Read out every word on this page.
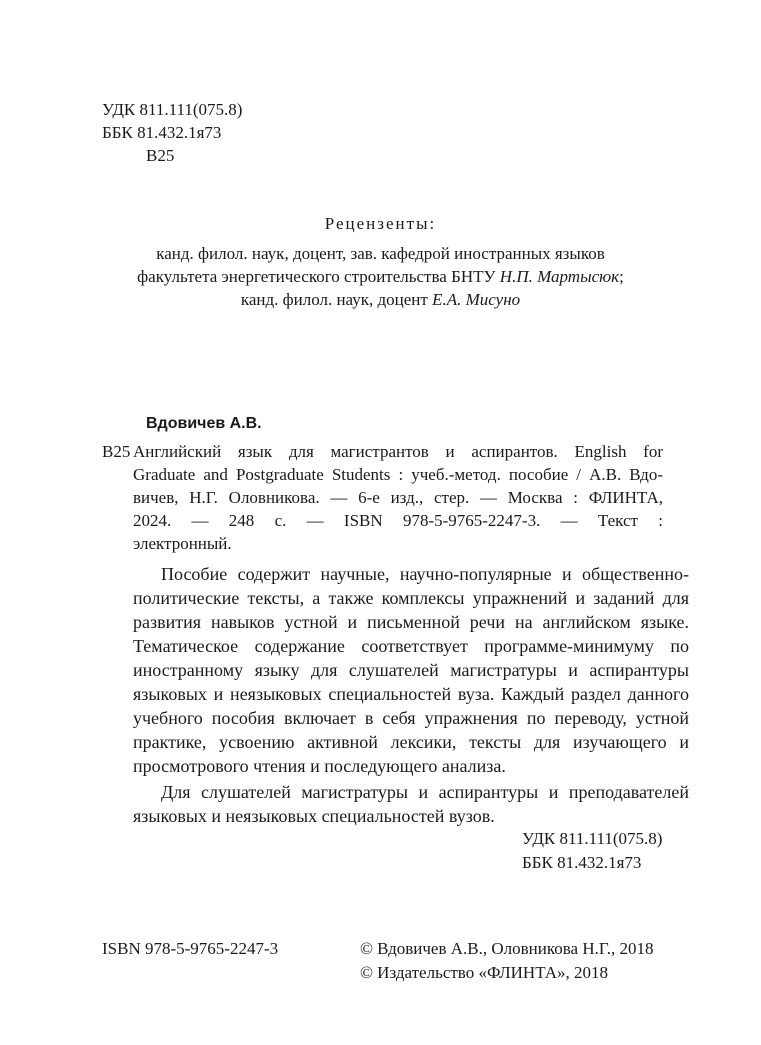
УДК 811.111(075.8)
ББК 81.432.1я73
В25
Рецензенты:
канд. филол. наук, доцент, зав. кафедрой иностранных языков
факультета энергетического строительства БНТУ Н.П. Мартысюк;
канд. филол. наук, доцент Е.А. Мисуно
Вдовичев А.В.
В25 Английский язык для магистрантов и аспирантов. English for
Graduate and Postgraduate Students : учеб.-метод. пособие / А.В. Вдо-
вичев, Н.Г. Оловникова. — 6-е изд., стер. — Москва : ФЛИНТА,
2024. — 248 с. — ISBN 978-5-9765-2247-3. — Текст :
электронный.
Пособие содержит научные, научно-популярные и общественно-
политические тексты, а также комплексы упражнений и заданий для
развития навыков устной и письменной речи на английском языке.
Тематическое содержание соответствует программе-минимуму по
иностранному языку для слушателей магистратуры и аспирантуры
языковых и неязыковых специальностей вуза. Каждый раздел данного
учебного пособия включает в себя упражнения по переводу, устной
практике, усвоению активной лексики, тексты для изучающего и
просмотрового чтения и последующего анализа.
Для слушателей магистратуры и аспирантуры и преподавателей
языковых и неязыковых специальностей вузов.
УДК 811.111(075.8)
ББК 81.432.1я73
ISBN 978-5-9765-2247-3	© Вдовичев А.В., Оловникова Н.Г., 2018
© Издательство «ФЛИНТА», 2018
